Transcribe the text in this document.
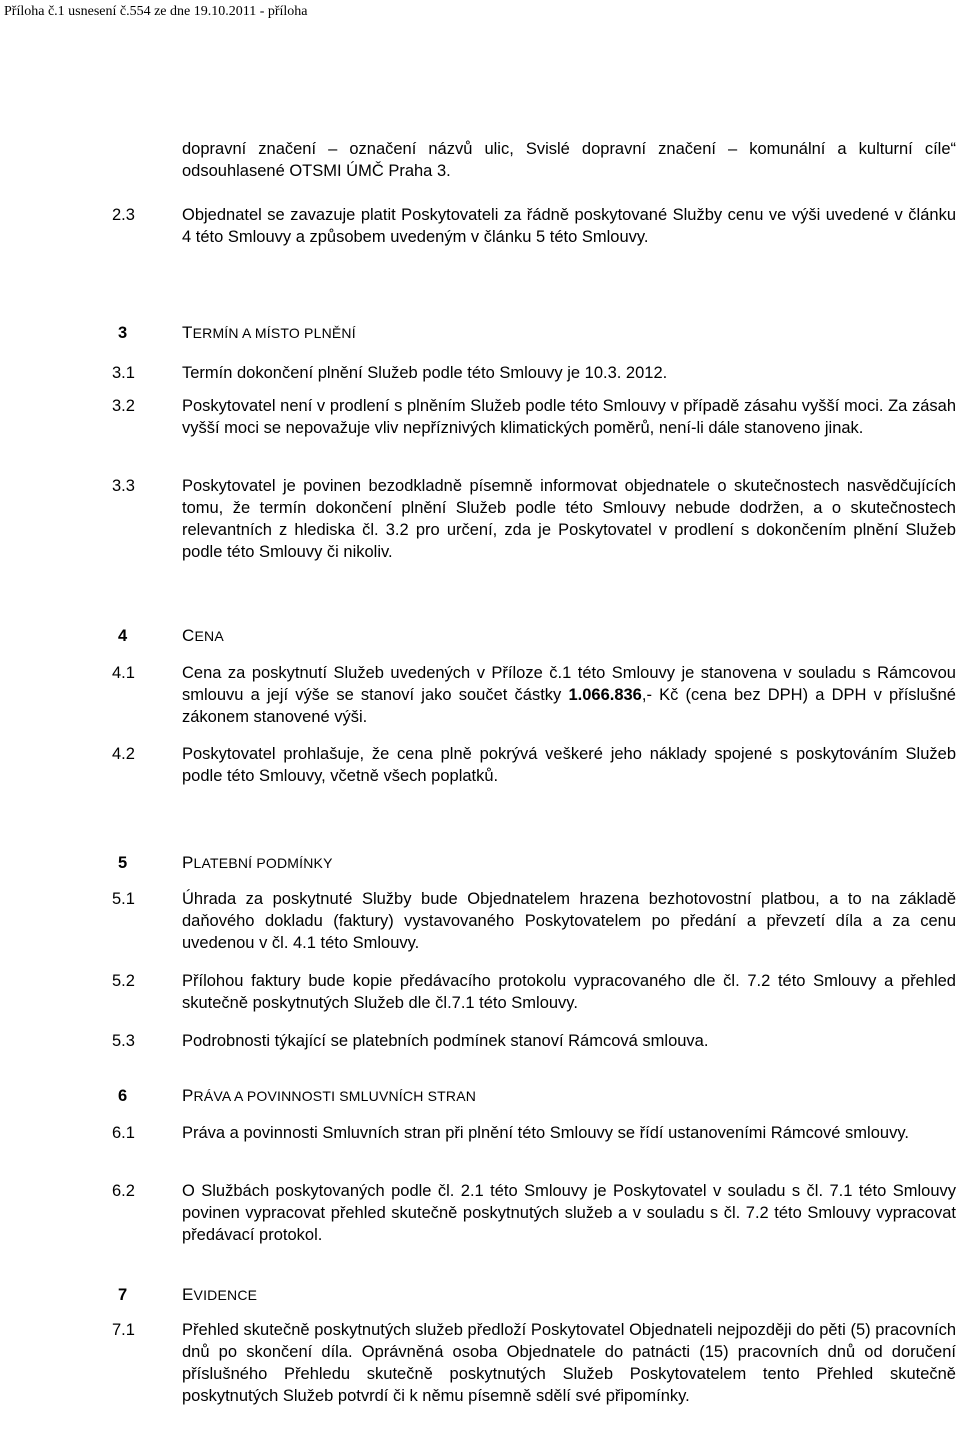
Příloha č.1 usnesení č.554 ze dne 19.10.2011 - příloha
dopravní značení – označení názvů ulic, Svislé dopravní značení – komunální a kulturní cíle“ odsouhlasené OTSMI ÚMČ Praha 3.
2.3	Objednatel se zavazuje platit Poskytovateli za řádně poskytované Služby cenu ve výši uvedené v článku 4 této Smlouvy a způsobem uvedeným v článku 5 této Smlouvy.
3	TERMÍN A MÍSTO PLNĚNÍ
3.1	Termín dokončení plnění Služeb podle této Smlouvy je 10.3. 2012.
3.2	Poskytovatel není v prodlení s plněním Služeb podle této Smlouvy v případě zásahu vyšší moci. Za zásah vyšší moci se nepovažuje vliv nepříznivých klimatických poměrů, není-li dále stanoveno jinak.
3.3	Poskytovatel je povinen bezodkladně písemně informovat objednatele o skutečnostech nasvědčujících tomu, že termín dokončení plnění Služeb podle této Smlouvy nebude dodržen, a o skutečnostech relevantních z hlediska čl. 3.2 pro určení, zda je Poskytovatel v prodlení s dokončením plnění Služeb podle této Smlouvy či nikoliv.
4	CENA
4.1	Cena za poskytnutí Služeb uvedených v Příloze č.1 této Smlouvy je stanovena v souladu s Rámcovou smlouvu a její výše se stanoví jako součet částky 1.066.836,- Kč (cena bez DPH) a DPH v příslušné zákonem stanovené výši.
4.2	Poskytovatel prohlašuje, že cena plně pokrývá veškeré jeho náklady spojené s poskytováním Služeb podle této Smlouvy, včetně všech poplatků.
5	PLATEBNÍ PODMÍNKY
5.1	Úhrada za poskytnuté Služby bude Objednatelem hrazena bezhotovostní platbou, a to na základě daňového dokladu (faktury) vystavovaného Poskytovatelem po předání a převzetí díla a za cenu uvedenou v čl. 4.1 této Smlouvy.
5.2	Přílohou faktury bude kopie předávacího protokolu vypracovaného dle čl. 7.2 této Smlouvy a přehled skutečně poskytnutých Služeb dle čl.7.1 této Smlouvy.
5.3	Podrobnosti týkající se platebních podmínek stanoví Rámcová smlouva.
6	PRÁVA A POVINNOSTI SMLUVNÍCH STRAN
6.1	Práva a povinnosti Smluvních stran při plnění této Smlouvy se řídí ustanoveními Rámcové smlouvy.
6.2	O Službách poskytovaných podle čl. 2.1 této Smlouvy je Poskytovatel v souladu s čl. 7.1 této Smlouvy povinen vypracovat přehled skutečně poskytnutých služeb a v souladu s čl. 7.2 této Smlouvy vypracovat předávací protokol.
7	EVIDENCE
7.1	Přehled skutečně poskytnutých služeb předloží Poskytovatel Objednateli nejpozději do pěti (5) pracovních dnů po skončení díla. Oprávněná osoba Objednatele do patnácti (15) pracovních dnů od doručení příslušného Přehledu skutečně poskytnutých Služeb Poskytovatelem tento Přehled skutečně poskytnutých Služeb potvrdí či k němu písemně sdělí své připomínky.
